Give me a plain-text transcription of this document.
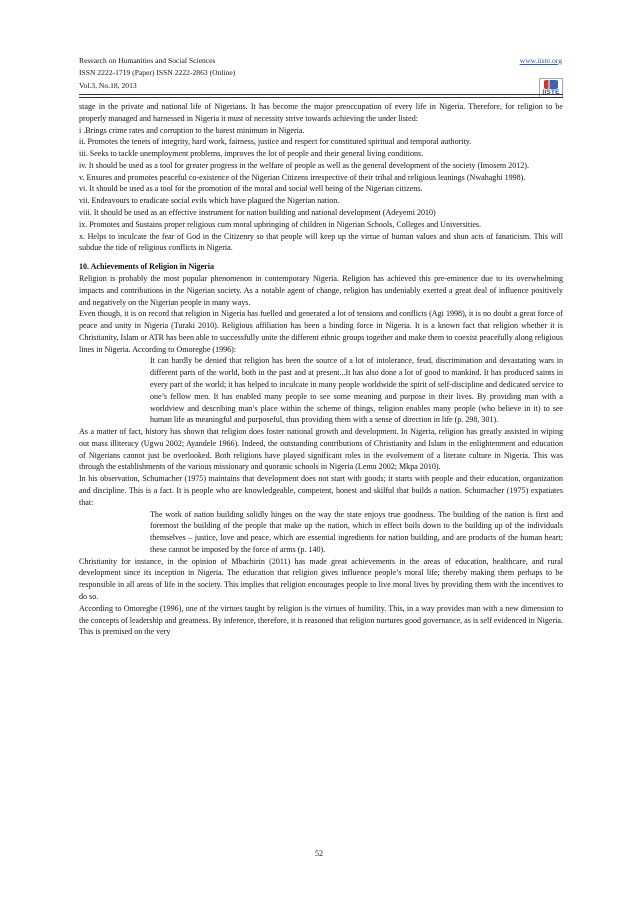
Research on Humanities and Social Sciences
ISSN 2222-1719 (Paper) ISSN 2222-2863 (Online)
Vol.3, No.18, 2013
www.iiste.org
IISTE

stage in the private and national life of Nigerians. It has become the major preoccupation of every life in Nigeria. Therefore, for religion to be properly managed and harnessed in Nigeria it must of necessity strive towards achieving the under listed:

i .Brings crime rates and corruption to the barest minimum in Nigeria.

ii. Promotes the tenets of integrity, hard work, fairness, justice and respect for constituted spiritual and temporal authority.

iii. Seeks to tackle unemployment problems, improves the lot of people and their general living conditions.

iv. It should be used as a tool for greater progress in the welfare of people as well as the general development of the society (Imosem 2012).

v. Ensures and promotes peaceful co-existence of the Nigerian Citizens irrespective of their tribal and religious leanings (Nwahaghi 1998).

vi. It should be used as a tool for the promotion of the moral and social well being of the Nigerian citizens.

vii. Endeavours to eradicate social evils which have plagued the Nigerian nation.

viii. It should be used as an effective instrument for nation building and national development (Adeyemi 2010)

ix. Promotes and Sustains proper religious cum moral upbringing of children in Nigerian Schools, Colleges and Universities.

x. Helps to inculcate the fear of God in the Citizenry so that people will keep up the virtue of human values and shun acts of fanaticism. This will subdue the tide of religious conflicts in Nigeria.

10. Achievements of Religion in Nigeria

Religion is probably the most popular phenomenon in contemporary Nigeria. Religion has achieved this pre-eminence due to its overwhelming impacts and contributions in the Nigerian society. As a notable agent of change, religion has undeniably exerted a great deal of influence positively and negatively on the Nigerian people in many ways.

Even though, it is on record that religion in Nigeria has fuelled and generated a lot of tensions and conflicts (Agi 1998), it is no doubt a great force of peace and unity in Nigeria (Turaki 2010). Religious affiliation has been a binding force in Nigeria. It is a known fact that religion whether it is Christianity, Islam or ATR has been able to successfully unite the different ethnic groups together and make them to coexist peacefully along religious lines in Nigeria. According to Omoregbe (1996):

It can hardly be denied that religion has been the source of a lot of intolerance, feud, discrimination and devastating wars in different parts of the world, both in the past and at present...It has also done a lot of good to mankind. It has produced saints in every part of the world; it has helped to inculcate in many people worldwide the spirit of self-discipline and dedicated service to one’s fellow men. It has enabled many people to see some meaning and purpose in their lives. By providing man with a worldview and describing man’s place within the scheme of things, religion enables many people (who believe in it) to see human life as meaningful and purposeful, thus providing them with a sense of direction in life (p. 298, 301).

As a matter of fact, history has shown that religion does foster national growth and development. In Nigeria, religion has greatly assisted in wiping out mass illiteracy (Ugwu 2002; Ayandele 1966). Indeed, the outstanding contributions of Christianity and Islam in the enlightenment and education of Nigerians cannot just be overlooked. Both religions have played significant roles in the evolvement of a literate culture in Nigeria. This was through the establishments of the various missionary and quoranic schools in Nigeria (Lemu 2002; Mkpa 2010).

In his observation, Schumacher (1975) maintains that development does not start with goods; it starts with people and their education, organization and discipline. This is a fact. It is people who are knowledgeable, competent, honest and skilful that builds a nation. Schumacher (1975) expatiates that:

The work of nation building solidly hinges on the way the state enjoys true goodness. The building of the nation is first and foremost the building of the people that make up the nation, which in effect boils down to the building up of the individuals themselves – justice, love and peace, which are essential ingredients for nation building, and are products of the human heart; these cannot be imposed by the force of arms (p. 140).

Christianity for instance, in the opinion of Mbachirin (2011) has made great achievements in the areas of education, healthcare, and rural development since its inception in Nigeria. The education that religion gives influence people’s moral life; thereby making them perhaps to be responsible in all areas of life in the society. This implies that religion encourages people to live moral lives by providing them with the incentives to do so.

According to Omoregbe (1996), one of the virtues taught by religion is the virtues of humility. This, in a way provides man with a new dimension to the concepts of leadership and greatness. By inference, therefore, it is reasoned that religion nurtures good governance, as is self evidenced in Nigeria. This is premised on the very

52
